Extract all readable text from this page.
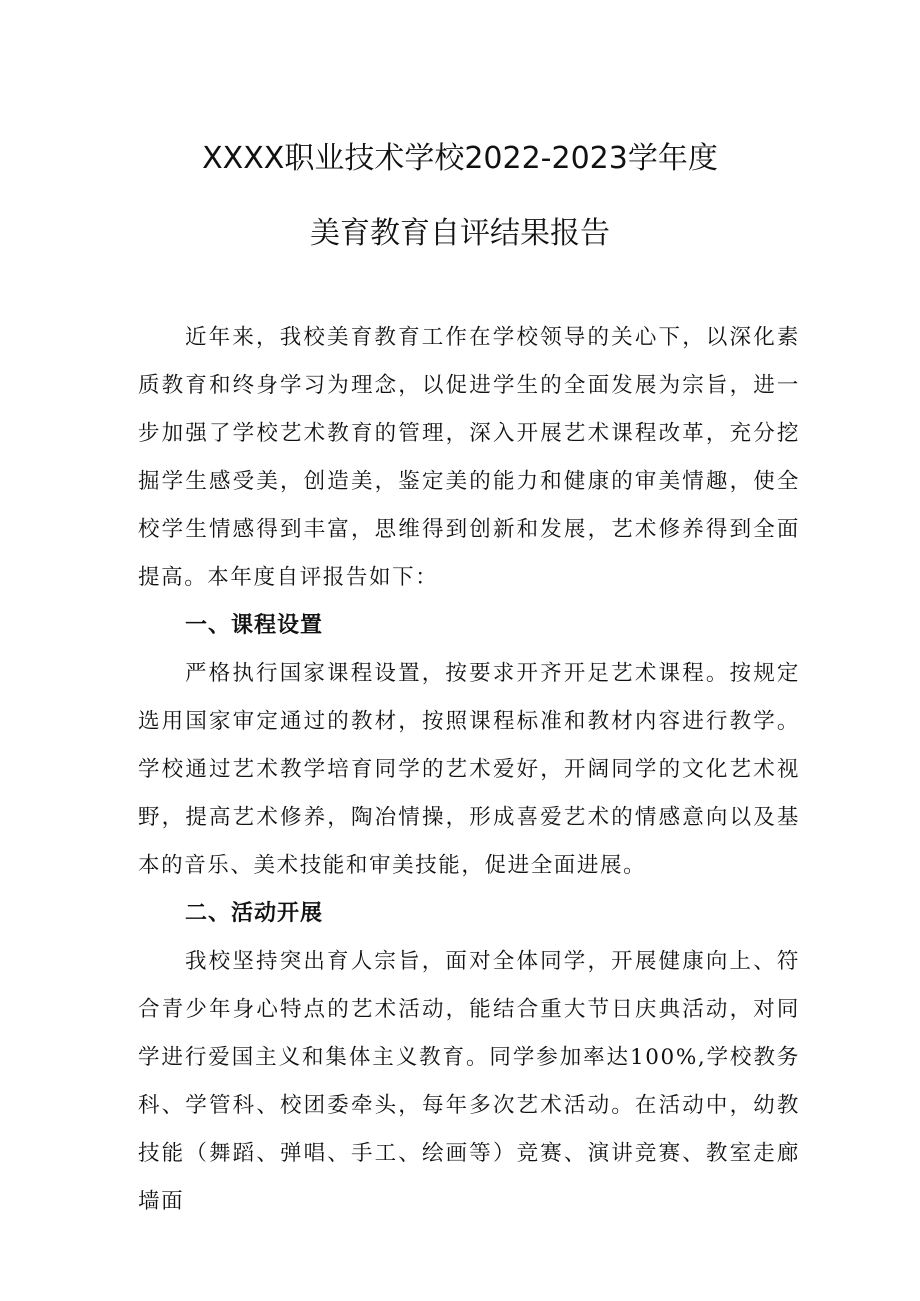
XXXX职业技术学校2022-2023学年度
美育教育自评结果报告

近年来，我校美育教育工作在学校领导的关心下，以深化素质教育和终身学习为理念，以促进学生的全面发展为宗旨，进一步加强了学校艺术教育的管理，深入开展艺术课程改革，充分挖掘学生感受美，创造美，鉴定美的能力和健康的审美情趣，使全校学生情感得到丰富，思维得到创新和发展，艺术修养得到全面提高。本年度自评报告如下：

一、课程设置

严格执行国家课程设置，按要求开齐开足艺术课程。按规定选用国家审定通过的教材，按照课程标准和教材内容进行教学。学校通过艺术教学培育同学的艺术爱好，开阔同学的文化艺术视野，提高艺术修养，陶冶情操，形成喜爱艺术的情感意向以及基本的音乐、美术技能和审美技能，促进全面进展。

二、活动开展

我校坚持突出育人宗旨，面对全体同学，开展健康向上、符合青少年身心特点的艺术活动，能结合重大节日庆典活动，对同学进行爱国主义和集体主义教育。同学参加率达100%,学校教务科、学管科、校团委牵头，每年多次艺术活动。在活动中，幼教技能（舞蹈、弹唱、手工、绘画等）竞赛、演讲竞赛、教室走廊墙面
